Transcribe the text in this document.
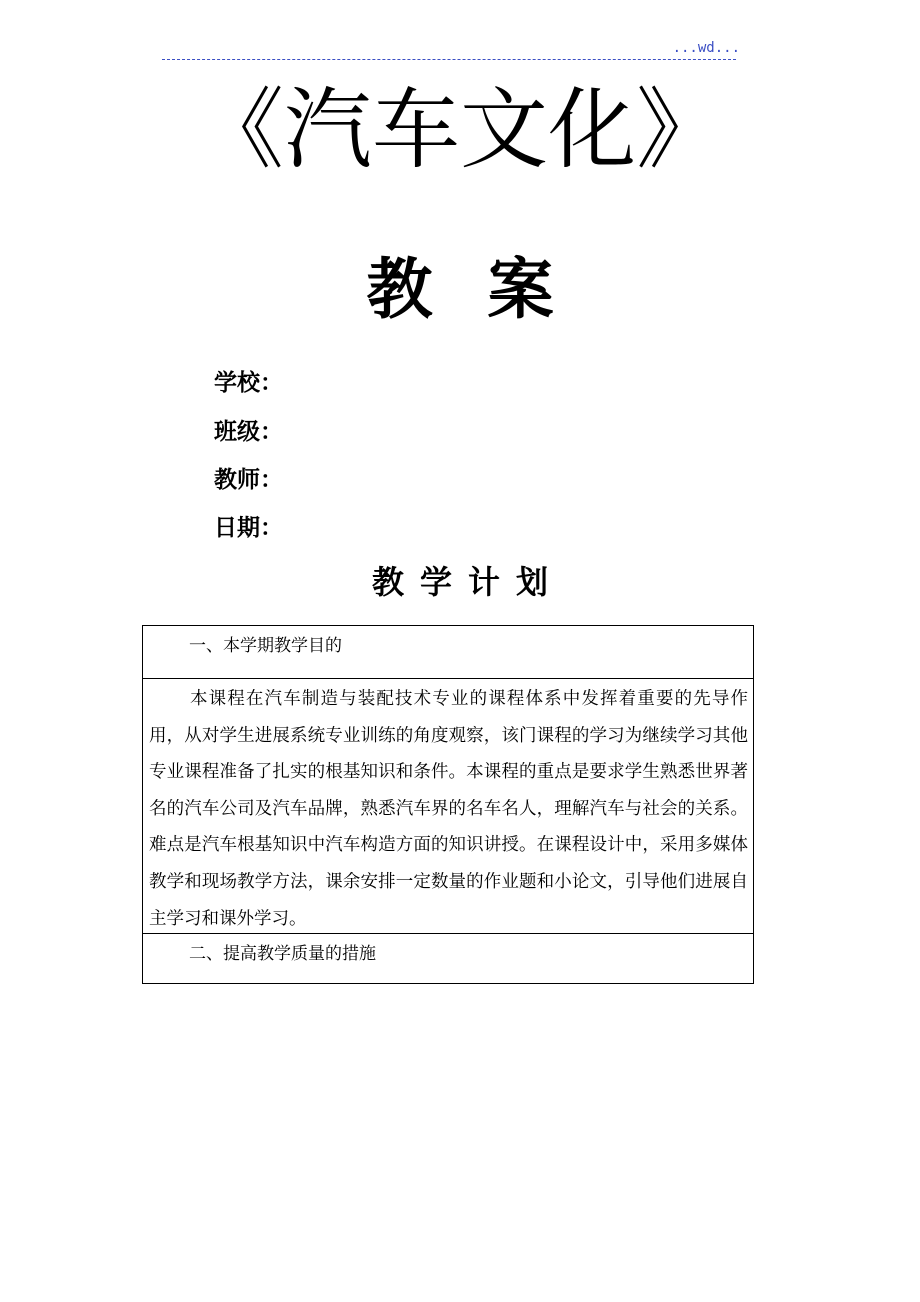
...wd...
《汽车文化》
教案
学校：
班级：
教师：
日期：
教学计划
一、本学期教学目的
本课程在汽车制造与装配技术专业的课程体系中发挥着重要的先导作用，从对学生进展系统专业训练的角度观察，该门课程的学习为继续学习其他专业课程准备了扎实的根基知识和条件。本课程的重点是要求学生熟悉世界著名的汽车公司及汽车品牌，熟悉汽车界的名车名人，理解汽车与社会的关系。难点是汽车根基知识中汽车构造方面的知识讲授。在课程设计中，采用多媒体教学和现场教学方法，课余安排一定数量的作业题和小论文，引导他们进展自主学习和课外学习。
二、提高教学质量的措施
